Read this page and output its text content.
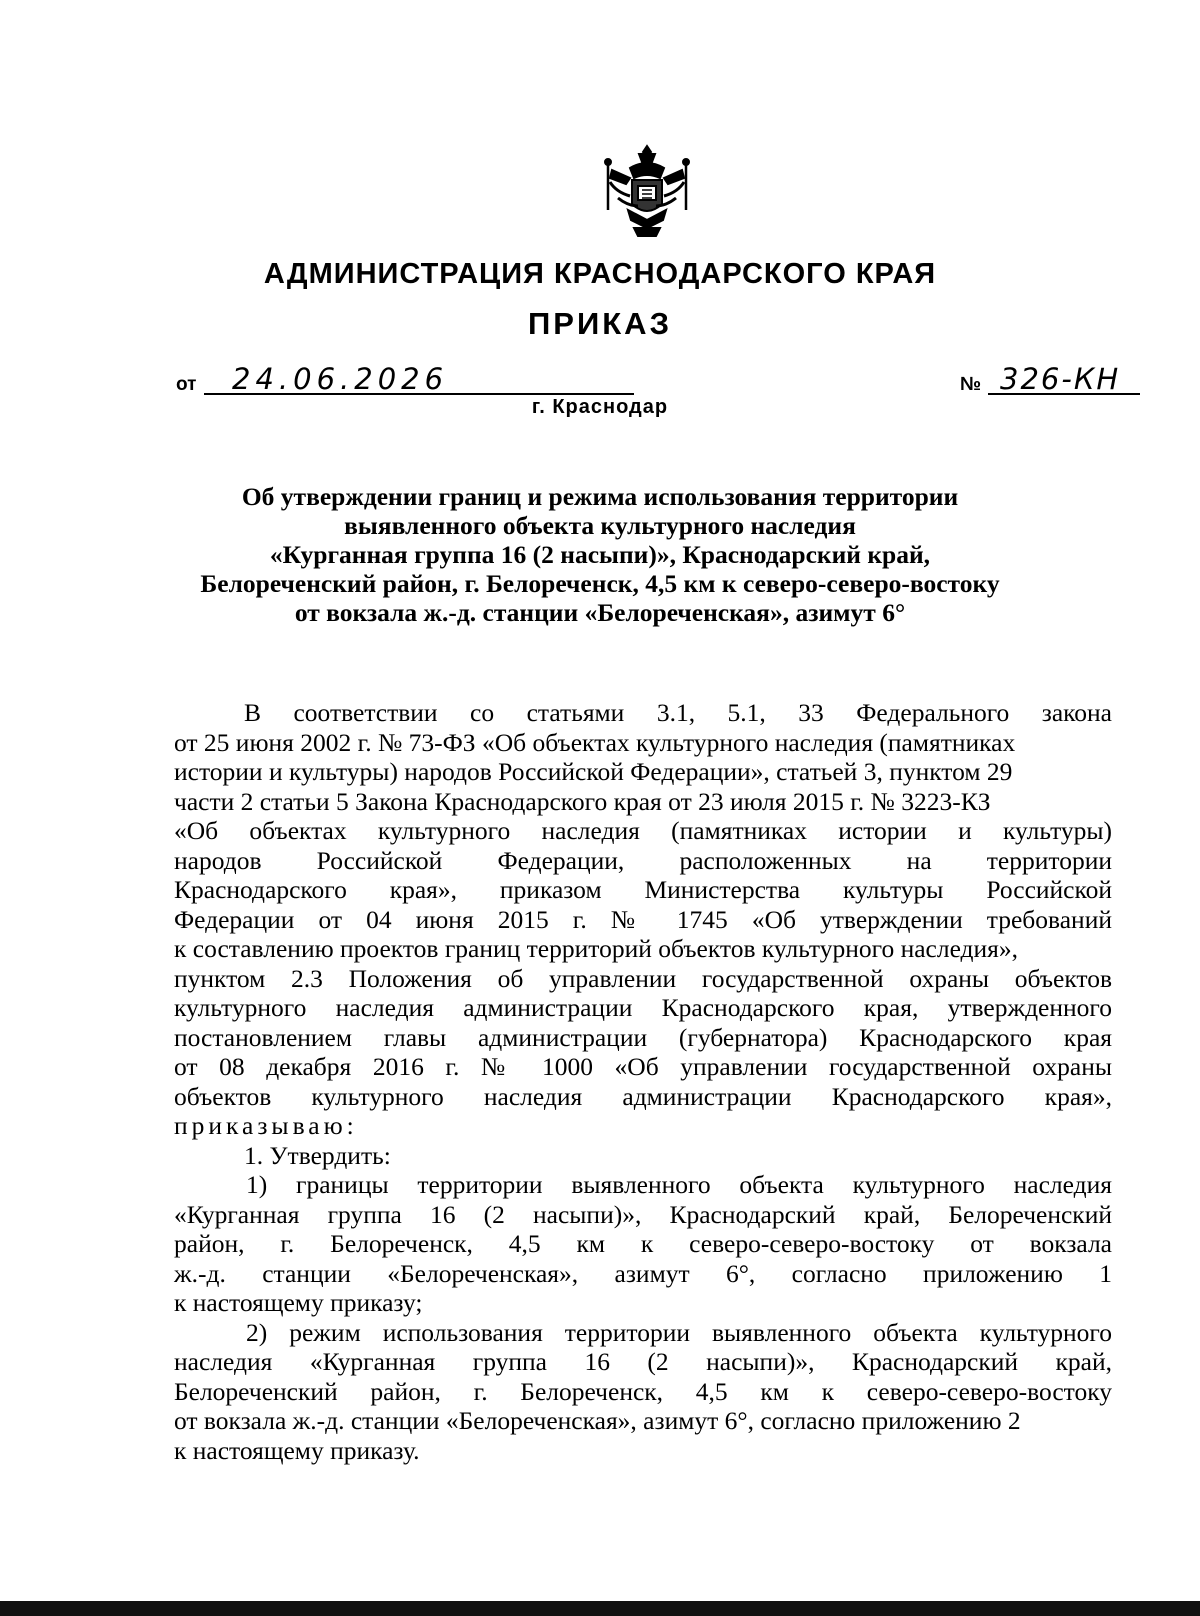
АДМИНИСТРАЦИЯ КРАСНОДАРСКОГО КРАЯ
ПРИКАЗ
от 24.06.2026	№ 326-КН
г. Краснодар
Об утверждении границ и режима использования территории
выявленного объекта культурного наследия
«Курганная группа 16 (2 насыпи)», Краснодарский край,
Белореченский район, г. Белореченск, 4,5 км к северо-северо-востоку
от вокзала ж.-д. станции «Белореченская», азимут 6°
В соответствии со статьями 3.1, 5.1, 33 Федерального закона
от 25 июня 2002 г. № 73-ФЗ «Об объектах культурного наследия (памятниках
истории и культуры) народов Российской Федерации», статьей 3, пунктом 29
части 2 статьи 5 Закона Краснодарского края от 23 июля 2015 г. № 3223-КЗ
«Об объектах культурного наследия (памятниках истории и культуры)
народов Российской Федерации, расположенных на территории
Краснодарского края», приказом Министерства культуры Российской
Федерации от 04 июня 2015 г. № 1745 «Об утверждении требований
к составлению проектов границ территорий объектов культурного наследия»,
пунктом 2.3 Положения об управлении государственной охраны объектов
культурного наследия администрации Краснодарского края, утвержденного
постановлением главы администрации (губернатора) Краснодарского края
от 08 декабря 2016 г. № 1000 «Об управлении государственной охраны
объектов культурного наследия администрации Краснодарского края»,
приказываю:
1. Утвердить:
1) границы территории выявленного объекта культурного наследия
«Курганная группа 16 (2 насыпи)», Краснодарский край, Белореченский
район, г. Белореченск, 4,5 км к северо-северо-востоку от вокзала
ж.-д. станции «Белореченская», азимут 6°, согласно приложению 1
к настоящему приказу;
2) режим использования территории выявленного объекта культурного
наследия «Курганная группа 16 (2 насыпи)», Краснодарский край,
Белореченский район, г. Белореченск, 4,5 км к северо-северо-востоку
от вокзала ж.-д. станции «Белореченская», азимут 6°, согласно приложению 2
к настоящему приказу.
